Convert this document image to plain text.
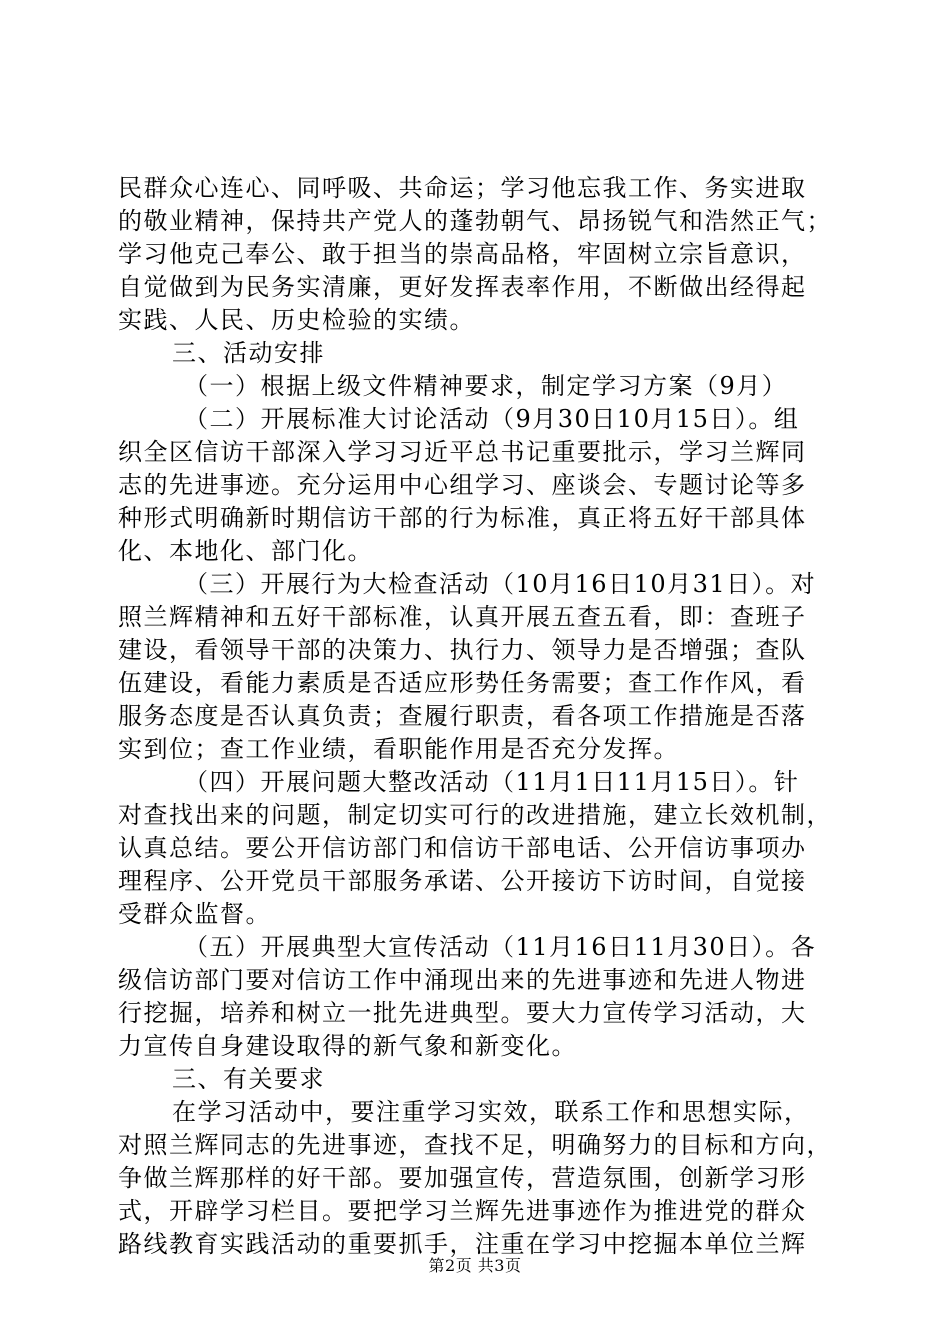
民群众心连心、同呼吸、共命运；学习他忘我工作、务实进取

的敬业精神，保持共产党人的蓬勃朝气、昂扬锐气和浩然正气；

学习他克己奉公、敢于担当的崇高品格，牢固树立宗旨意识，

自觉做到为民务实清廉，更好发挥表率作用，不断做出经得起

实践、人民、历史检验的实绩。

三、活动安排

（一）根据上级文件精神要求，制定学习方案（9月）

（二）开展标准大讨论活动（9月30日10月15日）。组

织全区信访干部深入学习习近平总书记重要批示，学习兰辉同

志的先进事迹。充分运用中心组学习、座谈会、专题讨论等多

种形式明确新时期信访干部的行为标准，真正将五好干部具体

化、本地化、部门化。

（三）开展行为大检查活动（10月16日10月31日）。对

照兰辉精神和五好干部标准，认真开展五查五看，即：查班子

建设，看领导干部的决策力、执行力、领导力是否增强；查队

伍建设，看能力素质是否适应形势任务需要；查工作作风，看

服务态度是否认真负责；查履行职责，看各项工作措施是否落

实到位；查工作业绩，看职能作用是否充分发挥。

（四）开展问题大整改活动（11月1日11月15日）。针

对查找出来的问题，制定切实可行的改进措施，建立长效机制，

认真总结。要公开信访部门和信访干部电话、公开信访事项办

理程序、公开党员干部服务承诺、公开接访下访时间，自觉接

受群众监督。

（五）开展典型大宣传活动（11月16日11月30日）。各

级信访部门要对信访工作中涌现出来的先进事迹和先进人物进

行挖掘，培养和树立一批先进典型。要大力宣传学习活动，大

力宣传自身建设取得的新气象和新变化。

三、有关要求

在学习活动中，要注重学习实效，联系工作和思想实际，

对照兰辉同志的先进事迹，查找不足，明确努力的目标和方向，

争做兰辉那样的好干部。要加强宣传，营造氛围，创新学习形

式，开辟学习栏目。要把学习兰辉先进事迹作为推进党的群众

路线教育实践活动的重要抓手，注重在学习中挖掘本单位兰辉

第2页 共3页
